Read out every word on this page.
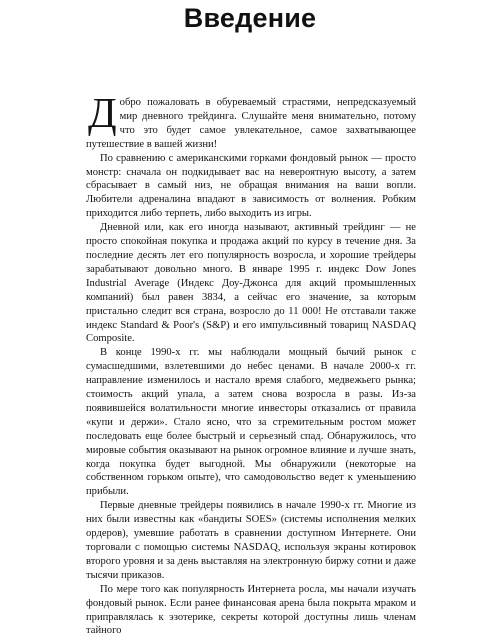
Введение

Добро пожаловать в обуреваемый страстями, непредсказуемый мир дневного трейдинга. Слушайте меня внимательно, потому что это будет самое увлекательное, самое захватывающее путешествие в вашей жизни!

По сравнению с американскими горками фондовый рынок — просто монстр: сначала он подкидывает вас на невероятную высоту, а затем сбрасывает в самый низ, не обращая внимания на ваши вопли. Любители адреналина впадают в зависимость от волнения. Робким приходится либо терпеть, либо выходить из игры.

Дневной или, как его иногда называют, активный трейдинг — не просто спокойная покупка и продажа акций по курсу в течение дня. За последние десять лет его популярность возросла, и хорошие трейдеры зарабатывают довольно много. В январе 1995 г. индекс Dow Jones Industrial Average (Индекс Доу-Джонса для акций промышленных компаний) был равен 3834, а сейчас его значение, за которым пристально следит вся страна, возросло до 11 000! Не отставали также индекс Standard & Poor's (S&P) и его импульсивный товарищ NASDAQ Composite.

В конце 1990-х гг. мы наблюдали мощный бычий рынок с сумасшедшими, взлетевшими до небес ценами. В начале 2000-х гг. направление изменилось и настало время слабого, медвежьего рынка; стоимость акций упала, а затем снова возросла в разы. Из-за появившейся волатильности многие инвесторы отказались от правила «купи и держи». Стало ясно, что за стремительным ростом может последовать еще более быстрый и серьезный спад. Обнаружилось, что мировые события оказывают на рынок огромное влияние и лучше знать, когда покупка будет выгодной. Мы обнаружили (некоторые на собственном горьком опыте), что самодовольство ведет к уменьшению прибыли.

Первые дневные трейдеры появились в начале 1990-х гг. Многие из них были известны как «бандиты SOES» (системы исполнения мелких ордеров), умевшие работать в сравнении доступном Интернете. Они торговали с помощью системы NASDAQ, используя экраны котировок второго уровня и за день выставляя на электронную биржу сотни и даже тысячи приказов.

По мере того как популярность Интернета росла, мы начали изучать фондовый рынок. Если ранее финансовая арена была покрыта мраком и приправлялась к эзотерике, секреты которой доступны лишь членам тайного
